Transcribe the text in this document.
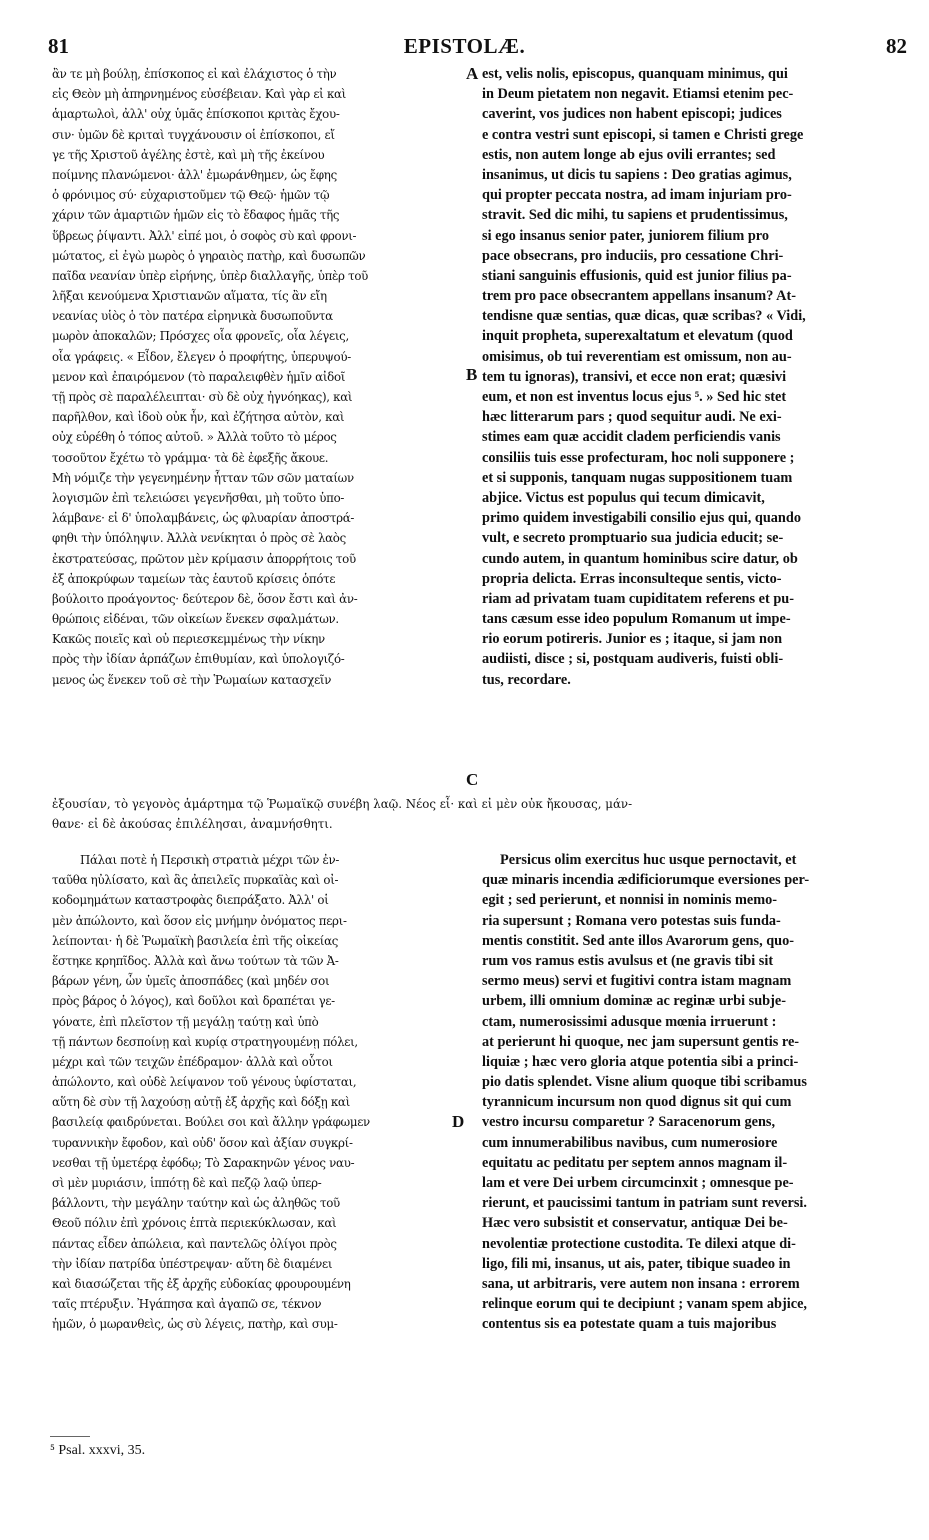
81	EPISTOLÆ.	82
ἂν τε μὴ βούλῃ, ἐπίσκοπος εἰ καὶ ἐλάχιστος ὁ τὴν
εἰς Θεὸν μὴ ἀπηρνημένος εὐσέβειαν. Καὶ γὰρ εἰ καὶ
ἁμαρτωλοὶ, ἀλλ' οὐχ ὑμᾶς ἐπίσκοποι κριτὰς ἔχου-
σιν· ὑμῶν δὲ κριταὶ τυγχάνουσιν οἱ ἐπίσκοποι, εἴ
γε τῆς Χριστοῦ ἀγέλης ἐστὲ, καὶ μὴ τῆς ἐκείνου
ποίμνης πλανώμενοι· ἀλλ' ἐμωράνθημεν, ὡς ἔφης
ὁ φρόνιμος σύ· εὐχαριστοῦμεν τῷ Θεῷ· ἡμῶν τῷ
χάριν τῶν ἁμαρτιῶν ἡμῶν εἰς τὸ ἔδαφος ἡμᾶς τῆς
ὕβρεως ῥίψαντι. Ἀλλ' εἰπέ μοι, ὁ σοφὸς σὺ καὶ φρονι-
μώτατος, εἰ ἐγὼ μωρὸς ὁ γηραιὸς πατὴρ, καὶ δυσωπῶν
παῖδα νεανίαν ὑπὲρ εἰρήνης, ὑπὲρ διαλλαγῆς, ὑπὲρ τοῦ
λῆξαι κενούμενα Χριστιανῶν αἵματα, τίς ἂν εἴη
νεανίας υἱὸς ὁ τὸν πατέρα εἰρηνικὰ δυσωποῦντα
μωρὸν ἀποκαλῶν; Πρόσχες οἷα φρονεῖς, οἷα λέγεις,
οἷα γράφεις. « Εἶδον, ἔλεγεν ὁ προφήτης, ὑπερυψού-
μενον καὶ ἐπαιρόμενον (τὸ παραλειφθὲν ἡμῖν αἰδοῖ
τῇ πρὸς σὲ παραλέλειπται· σὺ δὲ οὐχ ἠγνόηκας), καὶ
παρῆλθον, καὶ ἰδοὺ οὐκ ἦν, καὶ ἐζήτησα αὐτὸν, καὶ
οὐχ εὑρέθη ὁ τόπος αὐτοῦ. » Ἀλλὰ τοῦτο τὸ μέρος
τοσοῦτον ἔχέτω τὸ γράμμα· τὰ δὲ ἐφεξῆς ἄκουε.
Μὴ νόμιζε τὴν γεγενημένην ἧτταν τῶν σῶν ματαίων
λογισμῶν ἐπὶ τελειώσει γεγενῆσθαι, μὴ τοῦτο ὑπο-
λάμβανε· εἰ δ' ὑπολαμβάνεις, ὡς φλυαρίαν ἀποστρά-
φηθι τὴν ὑπόληψιν. Ἀλλὰ νενίκηται ὁ πρὸς σὲ λαὸς
ἐκστρατεύσας, πρῶτον μὲν κρίμασιν ἀπορρήτοις τοῦ
ἐξ ἀποκρύφων ταμείων τὰς ἑαυτοῦ κρίσεις ὁπότε
βούλοιτο προάγοντος· δεύτερον δὲ, ὅσον ἔστι καὶ ἀν-
θρώποις εἰδέναι, τῶν οἰκείων ἕνεκεν σφαλμάτων.
Κακῶς ποιεῖς καὶ οὐ περιεσκεμμένως τὴν νίκην
πρὸς τὴν ἰδίαν ἁρπάζων ἐπιθυμίαν, καὶ ὑπολογιζό-
μενος ὡς ἕνεκεν τοῦ σὲ τὴν Ῥωμαίων κατασχεῖν
est, velis nolis, episcopus, quanquam minimus, qui
in Deum pietatem non negavit. Etiamsi etenim pec-
caverint, vos judices non habent episcopi; judices
e contra vestri sunt episcopi, si tamen e Christi grege
estis, non autem longe ab ejus ovili errantes; sed
insanimus, ut dicis tu sapiens : Deo gratias agimus,
qui propter peccata nostra, ad imam injuriam pro-
stravit. Sed dic mihi, tu sapiens et prudentissimus,
si ego insanus senior pater, juniorem filium pro
pace obsecrans, pro induciis, pro cessatione Chri-
stiani sanguinis effusionis, quid est junior filius pa-
trem pro pace obsecrantem appellans insanum? At-
tendisne quæ sentias, quæ dicas, quæ scribas? « Vidi,
inquit propheta, superexaltatum et elevatum (quod
omisimus, ob tui reverentiam est omissum, non au-
tem tu ignoras), transivi, et ecce non erat; quæsivi
eum, et non est inventus locus ejus ⁵. » Sed hic stet
hæc litterarum pars ; quod sequitur audi. Ne exi-
stimes eam quæ accidit cladem perficiendis vanis
consiliis tuis esse profecturam, hoc noli supponere ;
et si supponis, tanquam nugas suppositionem tuam
abjice. Victus est populus qui tecum dimicavit,
primo quidem investigabili consilio ejus qui, quando
vult, e secreto promptuario sua judicia educit; se-
cundo autem, in quantum hominibus scire datur, ob
propria delicta. Erras inconsulteque sentis, victo-
riam ad privatam tuam cupiditatem referens et pu-
tans cæsum esse ideo populum Romanum ut impe-
rio eorum potireris. Junior es ; itaque, si jam non
audiisti, disce ; si, postquam audiveris, fuisti obli-
tus, recordare.
A
B
C
D
ἐξουσίαν, τὸ γεγονὸς ἁμάρτημα τῷ Ῥωμαϊκῷ συνέβη λαῷ. Νέος εἶ· καὶ εἰ μὲν οὐκ ἤκουσας, μάν-
θανε· εἰ δὲ ἀκούσας ἐπιλέλησαι, ἀναμνήσθητι.
Πάλαι ποτὲ ἡ Περσικὴ στρατιὰ μέχρι τῶν ἐν-
ταῦθα ηὐλίσατο, καὶ ἃς ἀπειλεῖς πυρκαϊὰς καὶ οἰ-
κοδομημάτων καταστροφὰς διεπράξατο. Ἀλλ' οἱ
μὲν ἀπώλοντο, καὶ ὅσον εἰς μνήμην ὀνόματος περι-
λείπονται· ἡ δὲ Ῥωμαϊκὴ βασιλεία ἐπὶ τῆς οἰκείας
ἕστηκε κρηπῖδος. Ἀλλὰ καὶ ἄνω τούτων τὰ τῶν Ἀ-
βάρων γένη, ὧν ὑμεῖς ἀποσπάδες (καὶ μηδέν σοι
πρὸς βάρος ὁ λόγος), καὶ δοῦλοι καὶ δραπέται γε-
γόνατε, ἐπὶ πλεῖστον τῇ μεγάλῃ ταύτῃ καὶ ὑπὸ
τῇ πάντων δεσποίνῃ καὶ κυρίᾳ στρατηγουμένῃ πόλει,
μέχρι καὶ τῶν τειχῶν ἐπέδραμον· ἀλλὰ καὶ οὗτοι
ἀπώλοντο, καὶ οὐδὲ λείψανον τοῦ γένους ὑφίσταται,
αὕτη δὲ σὺν τῇ λαχούσῃ αὐτῇ ἐξ ἀρχῆς καὶ δόξῃ καὶ
βασιλείᾳ φαιδρύνεται. Βούλει σοι καὶ ἄλλην γράφωμεν
τυραννικὴν ἔφοδον, καὶ οὐδ' ὅσον καὶ ἀξίαν συγκρί-
νεσθαι τῇ ὑμετέρᾳ ἐφόδῳ; Τὸ Σαρακηνῶν γένος ναυ-
σὶ μὲν μυριάσιν, ἱππότῃ δὲ καὶ πεζῷ λαῷ ὑπερ-
βάλλοντι, τὴν μεγάλην ταύτην καὶ ὡς ἀληθῶς τοῦ
Θεοῦ πόλιν ἐπὶ χρόνοις ἑπτὰ περιεκύκλωσαν, καὶ
πάντας εἶδεν ἀπώλεια, καὶ παντελῶς ὀλίγοι πρὸς
τὴν ἰδίαν πατρίδα ὑπέστρεψαν· αὕτη δὲ διαμένει
καὶ διασώζεται τῆς ἐξ ἀρχῆς εὐδοκίας φρουρουμένη
ταῖς πτέρυξιν. Ἠγάπησα καὶ ἀγαπῶ σε, τέκνον
ἡμῶν, ὁ μωρανθεὶς, ὡς σὺ λέγεις, πατὴρ, καὶ συμ-
Persicus olim exercitus huc usque pernoctavit, et
quæ minaris incendia ædificiorumque eversiones per-
egit ; sed perierunt, et nonnisi in nominis memo-
ria supersunt ; Romana vero potestas suis funda-
mentis constitit. Sed ante illos Avarorum gens, quo-
rum vos ramus estis avulsus et (ne gravis tibi sit
sermo meus) servi et fugitivi contra istam magnam
urbem, illi omnium dominæ ac reginæ urbi subje-
ctam, numerosissimi adusque mœnia irruerunt :
at perierunt hi quoque, nec jam supersunt gentis re-
liquiæ ; hæc vero gloria atque potentia sibi a princi-
pio datis splendet. Visne alium quoque tibi scribamus
tyrannicum incursum non quod dignus sit qui cum
vestro incursu comparetur ? Saracenorum gens,
cum innumerabilibus navibus, cum numerosiore
equitatu ac peditatu per septem annos magnam il-
lam et vere Dei urbem circumcinxit ; omnesque pe-
rierunt, et paucissimi tantum in patriam sunt reversi.
Hæc vero subsistit et conservatur, antiquæ Dei be-
nevolentiæ protectione custodita. Te dilexi atque di-
ligo, fili mi, insanus, ut ais, pater, tibique suadeo in
sana, ut arbitraris, vere autem non insana : errorem
relinque eorum qui te decipiunt ; vanam spem abjice,
contentus sis ea potestate quam a tuis majoribus
⁵ Psal. xxxvi, 35.
